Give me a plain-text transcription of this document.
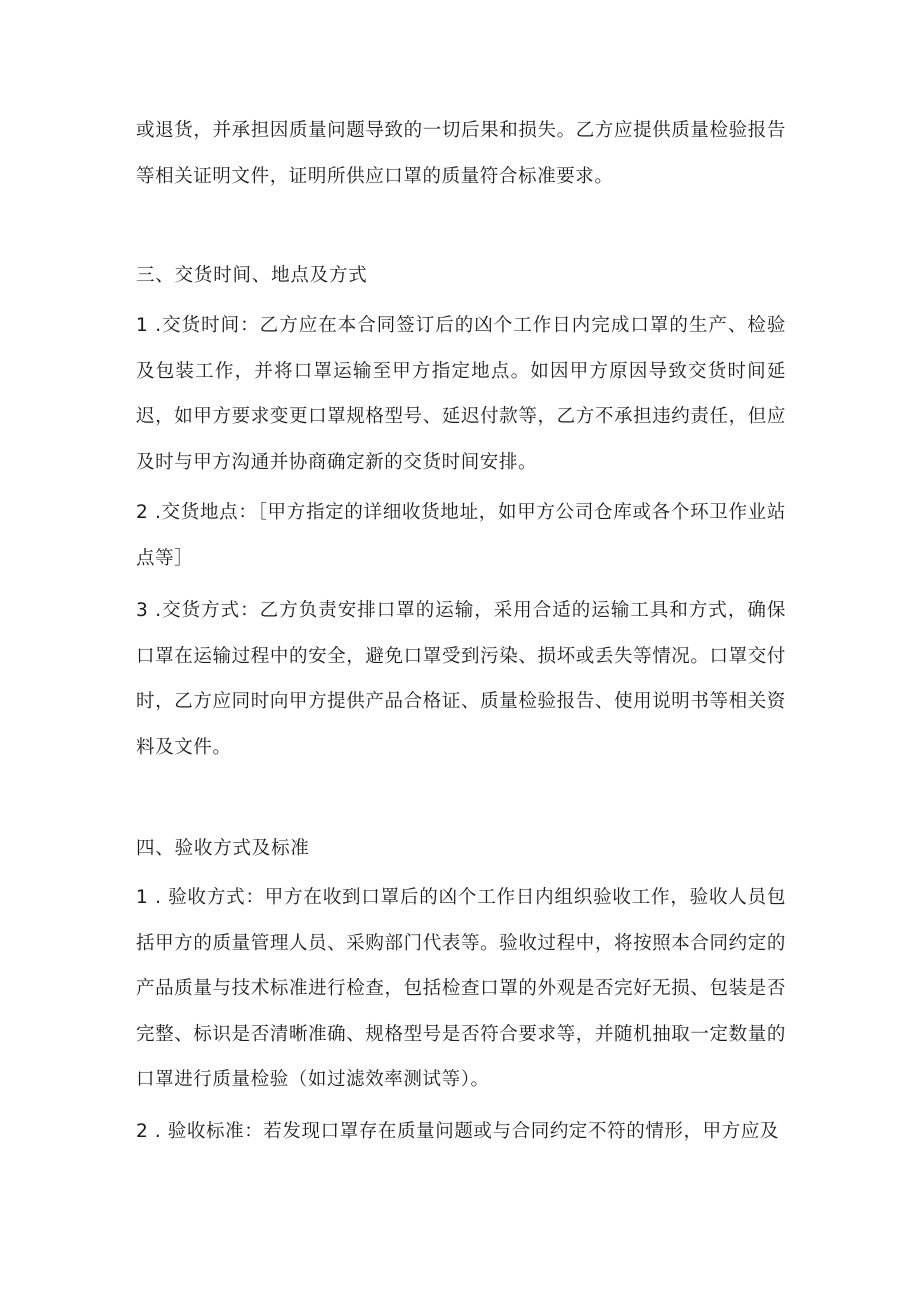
或退货，并承担因质量问题导致的一切后果和损失。乙方应提供质量检验报告等相关证明文件，证明所供应口罩的质量符合标准要求。

三、交货时间、地点及方式

1 .交货时间：乙方应在本合同签订后的凶个工作日内完成口罩的生产、检验及包装工作，并将口罩运输至甲方指定地点。如因甲方原因导致交货时间延迟，如甲方要求变更口罩规格型号、延迟付款等，乙方不承担违约责任，但应及时与甲方沟通并协商确定新的交货时间安排。

2 .交货地点：［甲方指定的详细收货地址，如甲方公司仓库或各个环卫作业站点等］

3 .交货方式：乙方负责安排口罩的运输，采用合适的运输工具和方式，确保口罩在运输过程中的安全，避免口罩受到污染、损坏或丢失等情况。口罩交付时，乙方应同时向甲方提供产品合格证、质量检验报告、使用说明书等相关资料及文件。

四、验收方式及标准

1 . 验收方式：甲方在收到口罩后的凶个工作日内组织验收工作，验收人员包括甲方的质量管理人员、采购部门代表等。验收过程中，将按照本合同约定的产品质量与技术标准进行检查，包括检查口罩的外观是否完好无损、包装是否完整、标识是否清晰准确、规格型号是否符合要求等，并随机抽取一定数量的口罩进行质量检验（如过滤效率测试等）。

2 . 验收标准：若发现口罩存在质量问题或与合同约定不符的情形，甲方应及
